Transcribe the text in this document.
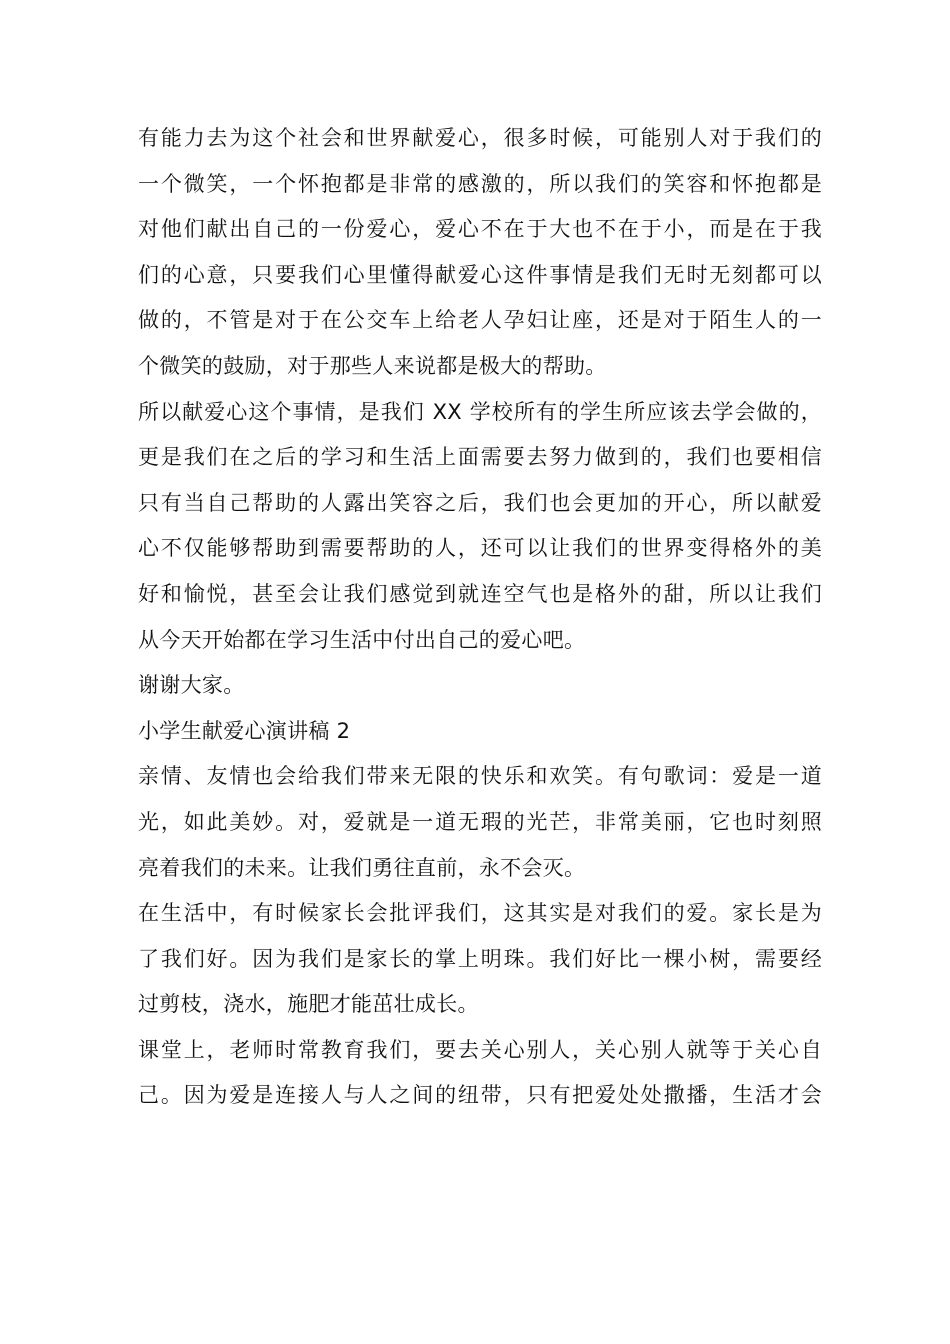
有能力去为这个社会和世界献爱心，很多时候，可能别人对于我们的
一个微笑，一个怀抱都是非常的感激的，所以我们的笑容和怀抱都是
对他们献出自己的一份爱心，爱心不在于大也不在于小，而是在于我
们的心意，只要我们心里懂得献爱心这件事情是我们无时无刻都可以
做的，不管是对于在公交车上给老人孕妇让座，还是对于陌生人的一
个微笑的鼓励，对于那些人来说都是极大的帮助。
所以献爱心这个事情，是我们 XX 学校所有的学生所应该去学会做的，
更是我们在之后的学习和生活上面需要去努力做到的，我们也要相信
只有当自己帮助的人露出笑容之后，我们也会更加的开心，所以献爱
心不仅能够帮助到需要帮助的人，还可以让我们的世界变得格外的美
好和愉悦，甚至会让我们感觉到就连空气也是格外的甜，所以让我们
从今天开始都在学习生活中付出自己的爱心吧。
谢谢大家。
小学生献爱心演讲稿 2
亲情、友情也会给我们带来无限的快乐和欢笑。有句歌词：爱是一道
光，如此美妙。对，爱就是一道无瑕的光芒，非常美丽，它也时刻照
亮着我们的未来。让我们勇往直前，永不会灭。
在生活中，有时候家长会批评我们，这其实是对我们的爱。家长是为
了我们好。因为我们是家长的掌上明珠。我们好比一棵小树，需要经
过剪枝，浇水，施肥才能茁壮成长。
课堂上，老师时常教育我们，要去关心别人，关心别人就等于关心自
己。因为爱是连接人与人之间的纽带，只有把爱处处撒播，生活才会
